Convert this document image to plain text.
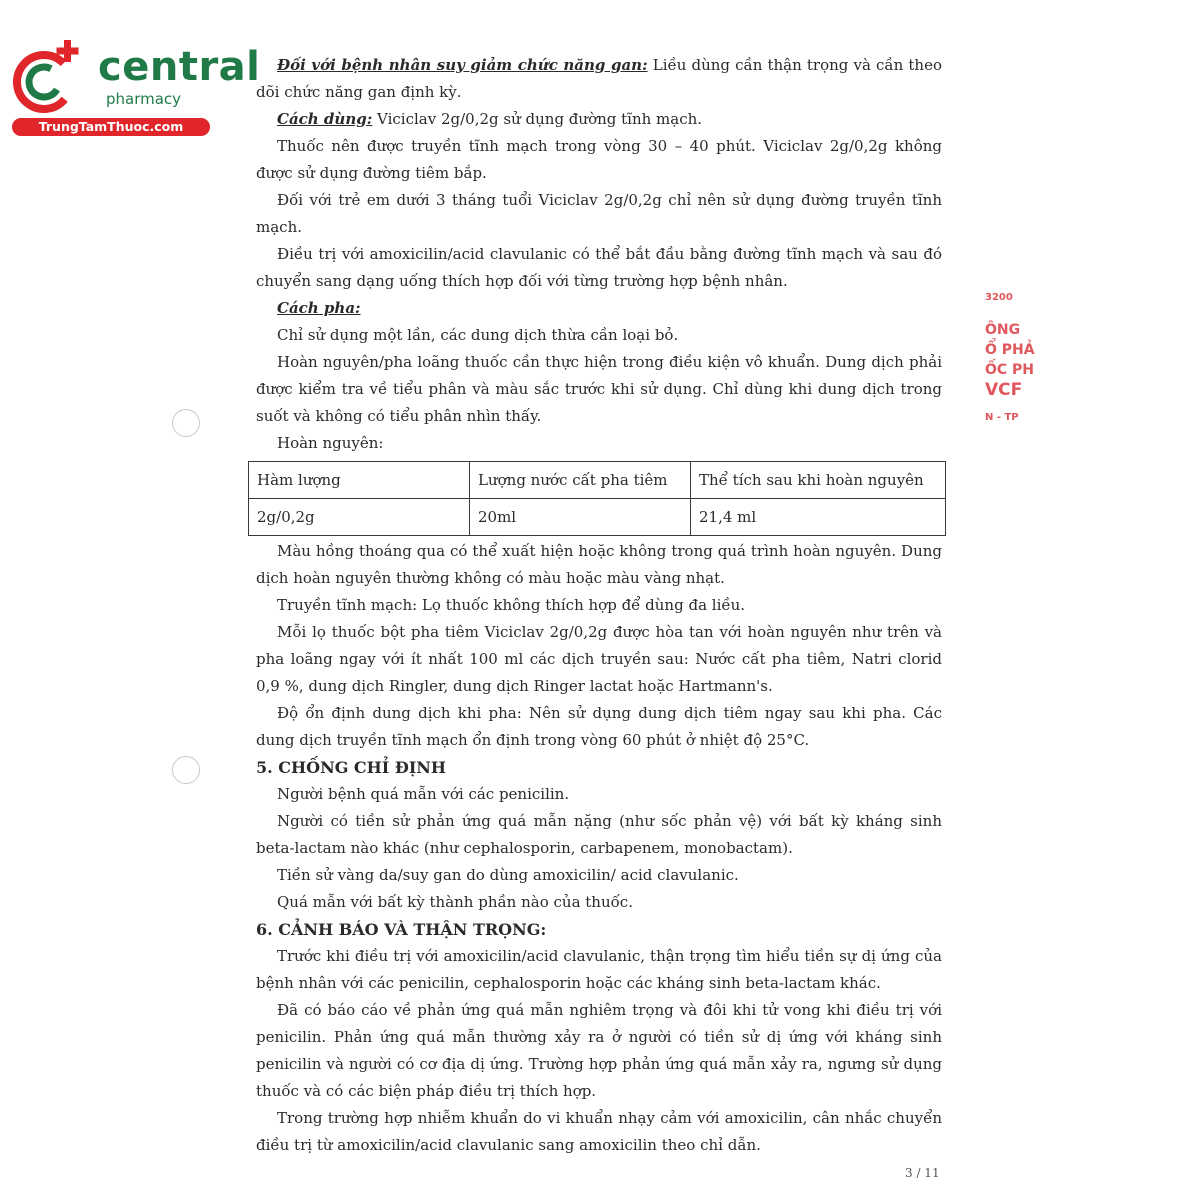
central
pharmacy
TrungTamThuoc.com
3200
ÔNG
Ổ PHẢ
ỐC PH
VCF
N - TP

Đối với bệnh nhân suy giảm chức năng gan: Liều dùng cần thận trọng và cần theo dõi chức năng gan định kỳ.

Cách dùng: Viciclav 2g/0,2g sử dụng đường tĩnh mạch.

Thuốc nên được truyền tĩnh mạch trong vòng 30 – 40 phút. Viciclav 2g/0,2g không được sử dụng đường tiêm bắp.

Đối với trẻ em dưới 3 tháng tuổi Viciclav 2g/0,2g chỉ nên sử dụng đường truyền tĩnh mạch.

Điều trị với amoxicilin/acid clavulanic có thể bắt đầu bằng đường tĩnh mạch và sau đó chuyển sang dạng uống thích hợp đối với từng trường hợp bệnh nhân.

Cách pha:

Chỉ sử dụng một lần, các dung dịch thừa cần loại bỏ.

Hoàn nguyên/pha loãng thuốc cần thực hiện trong điều kiện vô khuẩn. Dung dịch phải được kiểm tra về tiểu phân và màu sắc trước khi sử dụng. Chỉ dùng khi dung dịch trong suốt và không có tiểu phân nhìn thấy.

Hoàn nguyên:

Hàm lượng	Lượng nước cất pha tiêm	Thể tích sau khi hoàn nguyên
2g/0,2g	20ml	21,4 ml

Màu hồng thoáng qua có thể xuất hiện hoặc không trong quá trình hoàn nguyên. Dung dịch hoàn nguyên thường không có màu hoặc màu vàng nhạt.

Truyền tĩnh mạch: Lọ thuốc không thích hợp để dùng đa liều.

Mỗi lọ thuốc bột pha tiêm Viciclav 2g/0,2g được hòa tan với hoàn nguyên như trên và pha loãng ngay với ít nhất 100 ml các dịch truyền sau: Nước cất pha tiêm, Natri clorid 0,9 %, dung dịch Ringler, dung dịch Ringer lactat hoặc Hartmann's.

Độ ổn định dung dịch khi pha: Nên sử dụng dung dịch tiêm ngay sau khi pha. Các dung dịch truyền tĩnh mạch ổn định trong vòng 60 phút ở nhiệt độ 25°C.

5. CHỐNG CHỈ ĐỊNH

Người bệnh quá mẫn với các penicilin.

Người có tiền sử phản ứng quá mẫn nặng (như sốc phản vệ) với bất kỳ kháng sinh beta-lactam nào khác (như cephalosporin, carbapenem, monobactam).

Tiền sử vàng da/suy gan do dùng amoxicilin/ acid clavulanic.

Quá mẫn với bất kỳ thành phần nào của thuốc.

6. CẢNH BÁO VÀ THẬN TRỌNG:

Trước khi điều trị với amoxicilin/acid clavulanic, thận trọng tìm hiểu tiền sự dị ứng của bệnh nhân với các penicilin, cephalosporin hoặc các kháng sinh beta-lactam khác.

Đã có báo cáo về phản ứng quá mẫn nghiêm trọng và đôi khi tử vong khi điều trị với penicilin. Phản ứng quá mẫn thường xảy ra ở người có tiền sử dị ứng với kháng sinh penicilin và người có cơ địa dị ứng. Trường hợp phản ứng quá mẫn xảy ra, ngưng sử dụng thuốc và có các biện pháp điều trị thích hợp.

Trong trường hợp nhiễm khuẩn do vi khuẩn nhạy cảm với amoxicilin, cân nhắc chuyển điều trị từ amoxicilin/acid clavulanic sang amoxicilin theo chỉ dẫn.

3 / 11
